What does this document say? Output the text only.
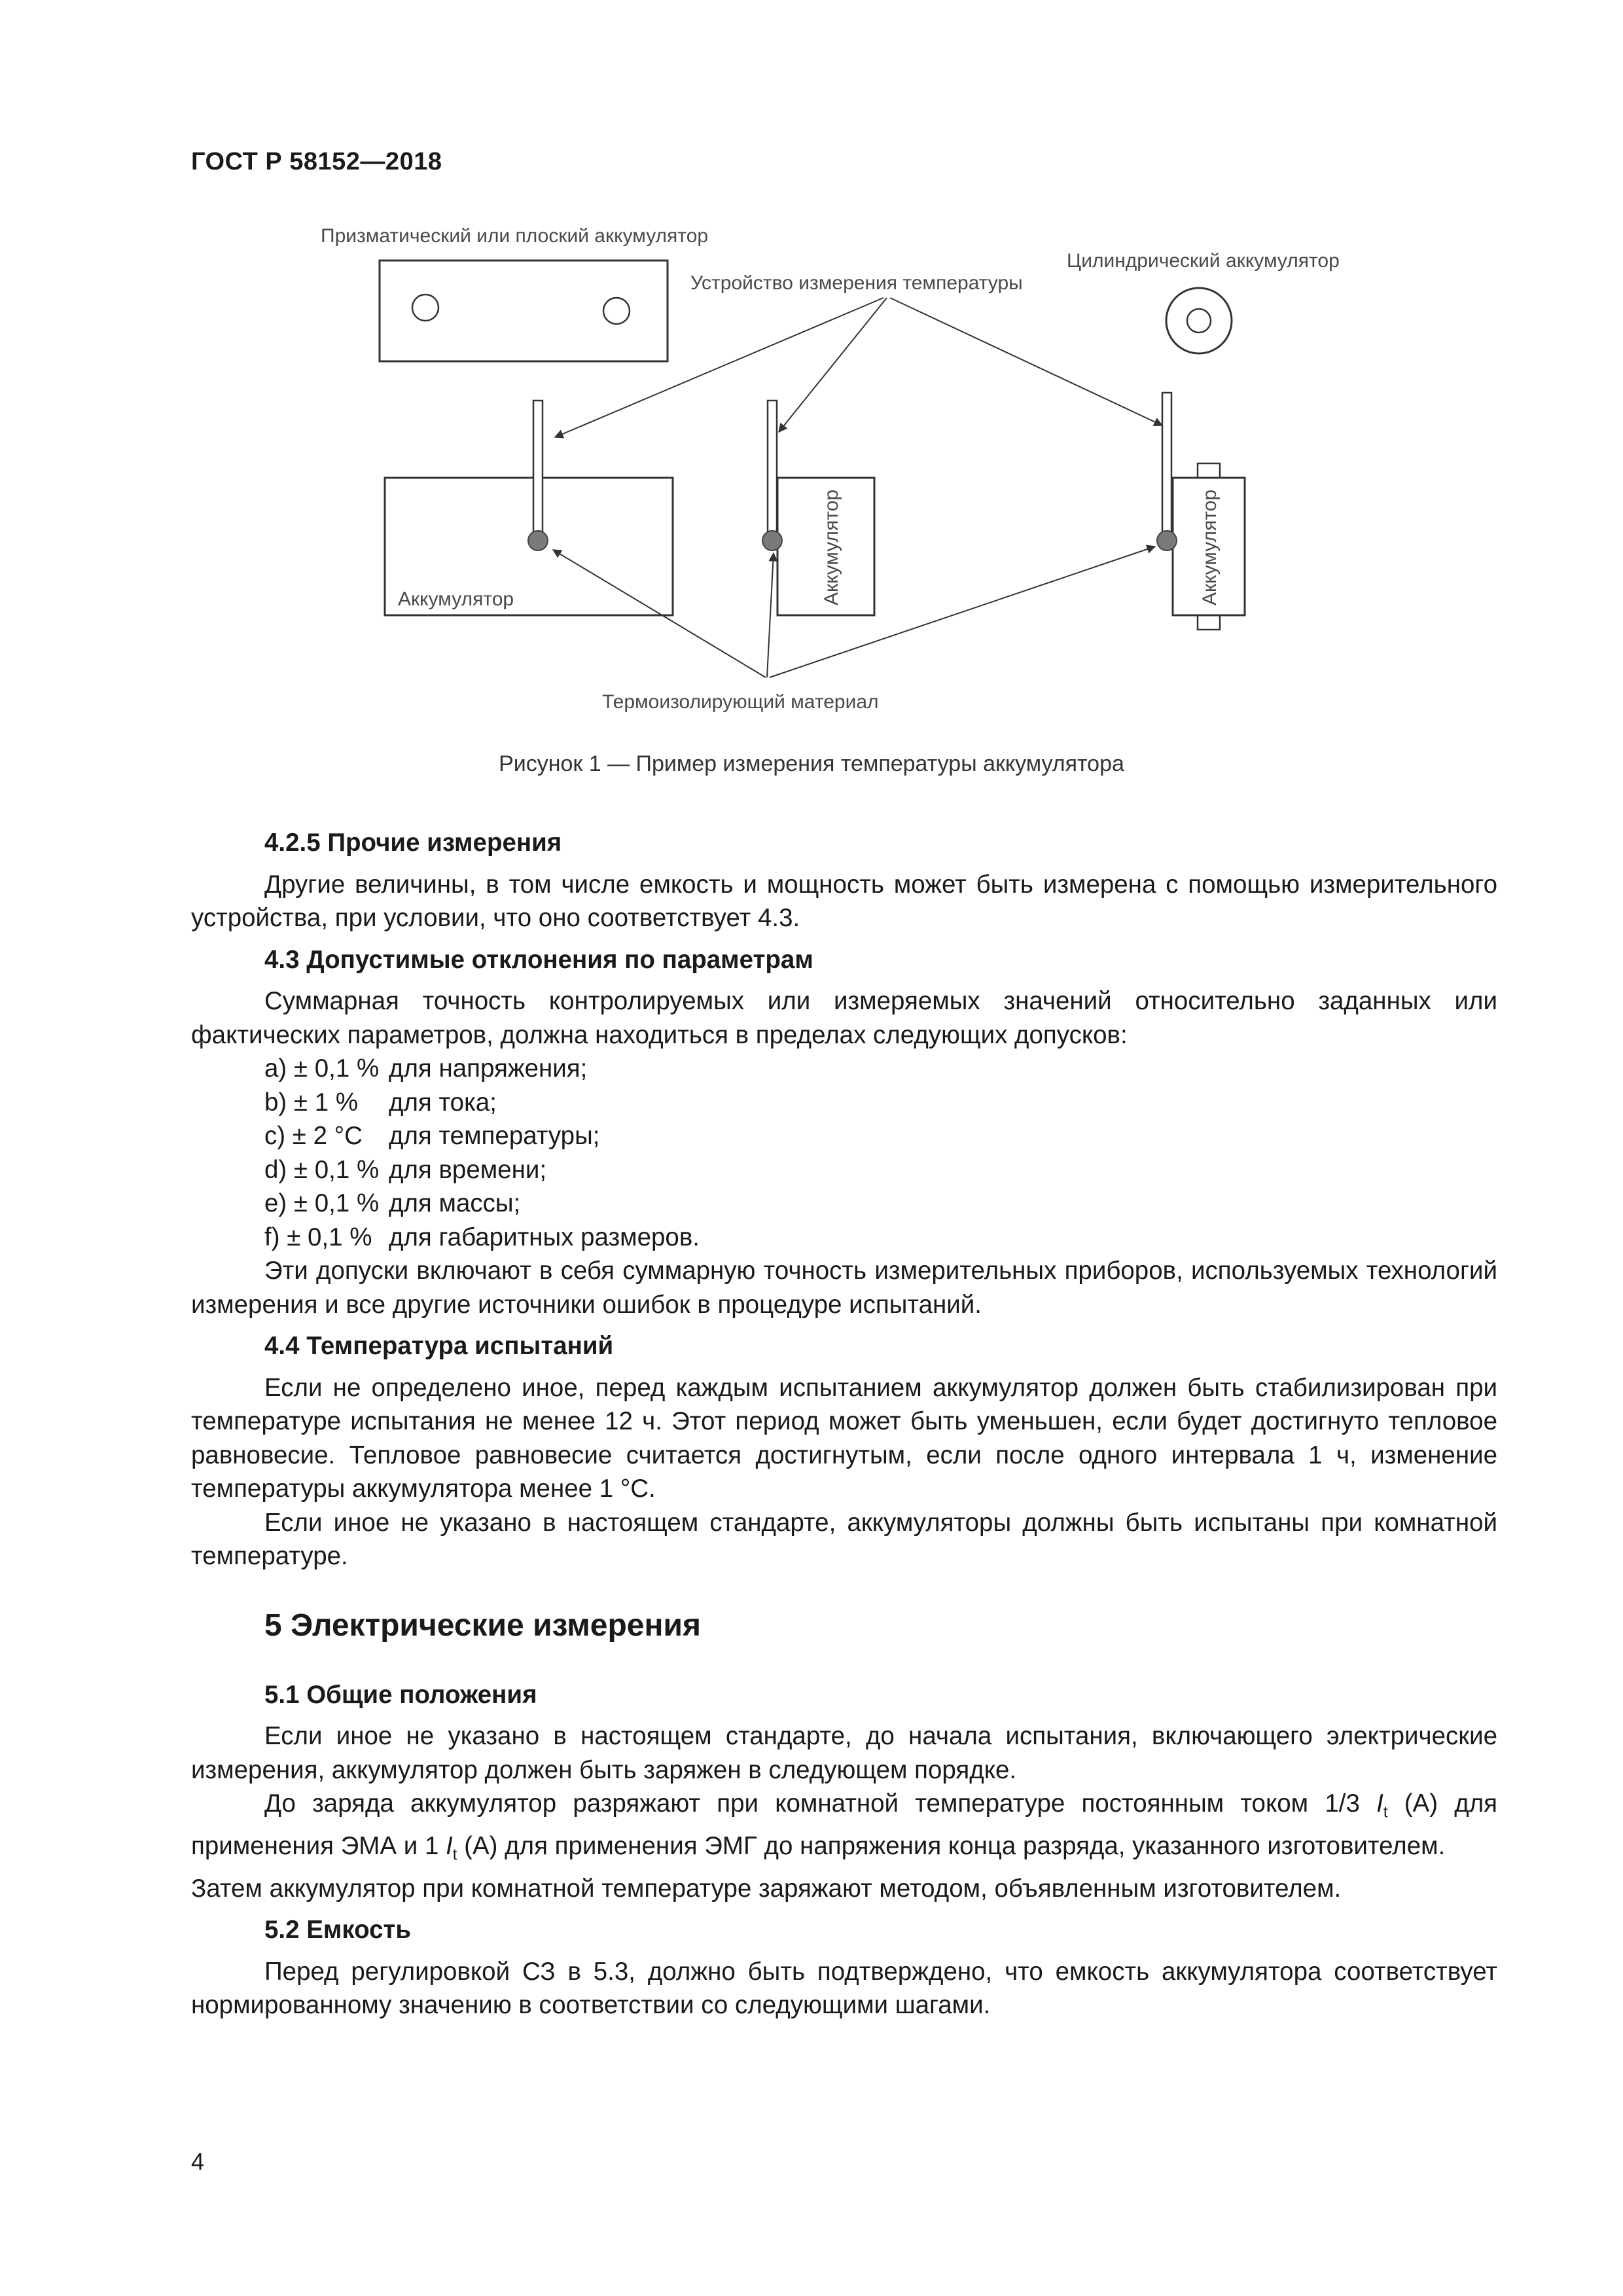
ГОСТ Р 58152—2018
Призматический или плоский аккумулятор
Устройство измерения температуры
Цилиндрический аккумулятор
Аккумулятор	Аккумулятор	Аккумулятор
Термоизолирующий материал
Рисунок 1 — Пример измерения температуры аккумулятора
4.2.5 Прочие измерения

Другие величины, в том числе емкость и мощность может быть измерена с помощью измерительного устройства, при условии, что оно соответствует 4.3.

4.3 Допустимые отклонения по параметрам

Суммарная точность контролируемых или измеряемых значений относительно заданных или фактических параметров, должна находиться в пределах следующих допусков:

a) ± 0,1 % для напряжения;

b) ± 1 % для тока;

c) ± 2 °C для температуры;

d) ± 0,1 % для времени;

e) ± 0,1 % для массы;

f) ± 0,1 % для габаритных размеров.

Эти допуски включают в себя суммарную точность измерительных приборов, используемых технологий измерения и все другие источники ошибок в процедуре испытаний.

4.4 Температура испытаний

Если не определено иное, перед каждым испытанием аккумулятор должен быть стабилизирован при температуре испытания не менее 12 ч. Этот период может быть уменьшен, если будет достигнуто тепловое равновесие. Тепловое равновесие считается достигнутым, если после одного интервала 1 ч, изменение температуры аккумулятора менее 1 °C.

Если иное не указано в настоящем стандарте, аккумуляторы должны быть испытаны при комнатной температуре.

5 Электрические измерения
5.1 Общие положения

Если иное не указано в настоящем стандарте, до начала испытания, включающего электрические измерения, аккумулятор должен быть заряжен в следующем порядке.

До заряда аккумулятор разряжают при комнатной температуре постоянным током 1/3 $I_t$ (А) для применения ЭМА и 1 $I_t$ (А) для применения ЭМГ до напряжения конца разряда, указанного изготовителем.

Затем аккумулятор при комнатной температуре заряжают методом, объявленным изготовителем.

5.2 Емкость

Перед регулировкой СЗ в 5.3, должно быть подтверждено, что емкость аккумулятора соответствует нормированному значению в соответствии со следующими шагами.

4
